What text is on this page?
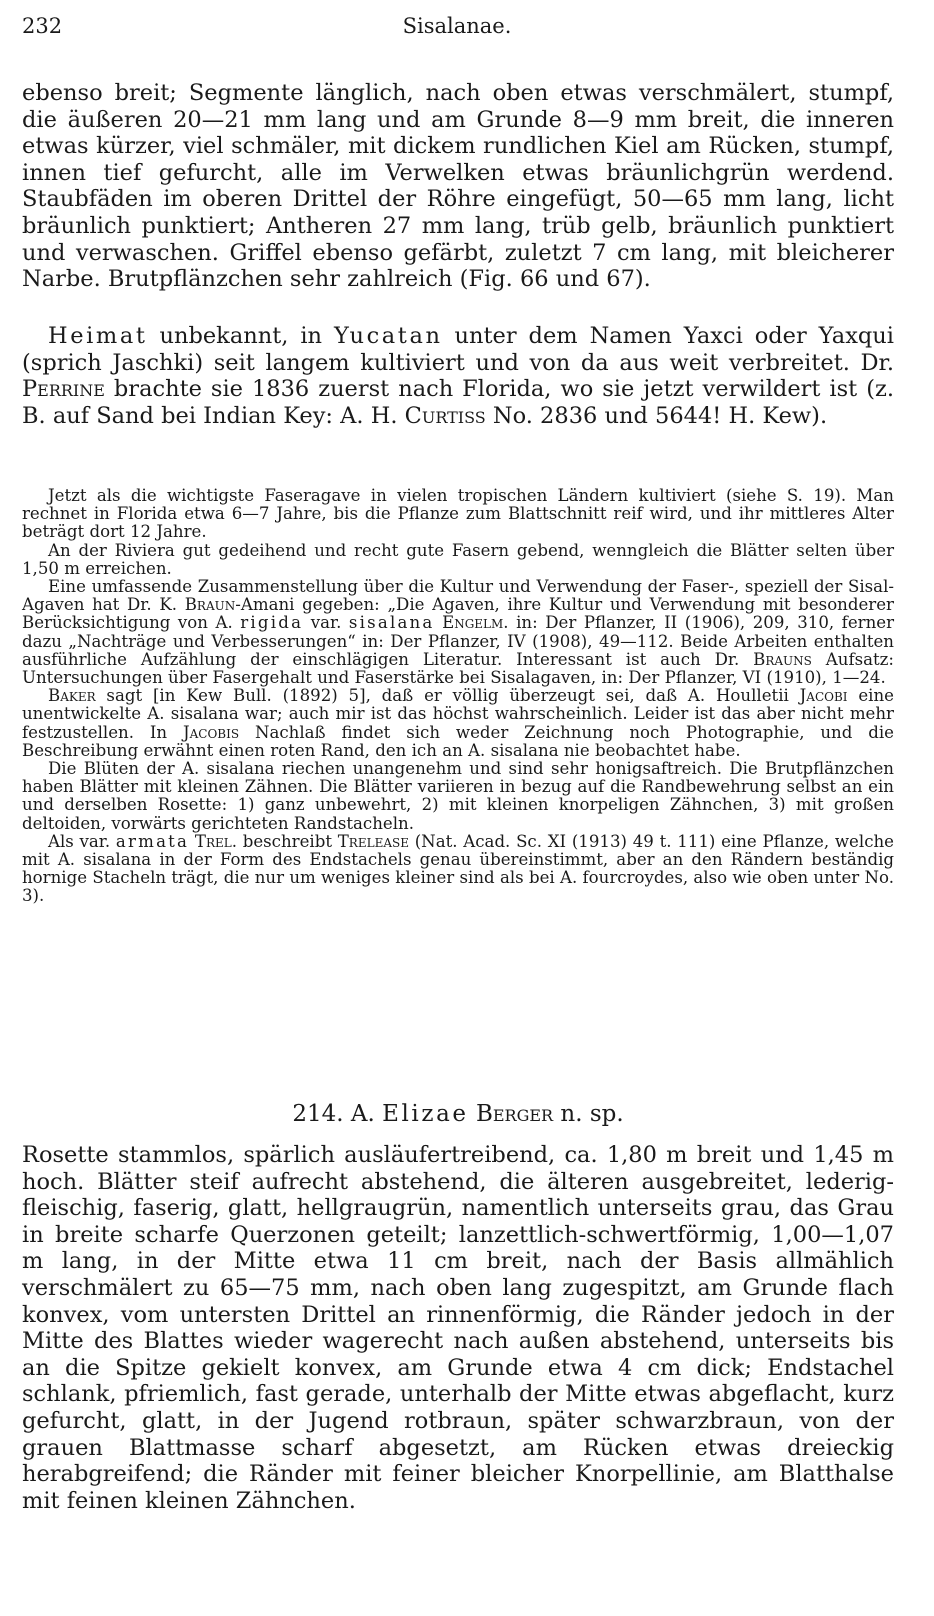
232	Sisalanae.

ebenso breit; Segmente länglich, nach oben etwas verschmälert, stumpf, die äußeren 20—21 mm lang und am Grunde 8—9 mm breit, die inneren etwas kürzer, viel schmäler, mit dickem rundlichen Kiel am Rücken, stumpf, innen tief gefurcht, alle im Verwelken etwas bräunlichgrün werdend. Staubfäden im oberen Drittel der Röhre eingefügt, 50—65 mm lang, licht bräunlich punktiert; Antheren 27 mm lang, trüb gelb, bräunlich punktiert und verwaschen. Griffel ebenso gefärbt, zuletzt 7 cm lang, mit bleicherer Narbe. Brutpflänzchen sehr zahlreich (Fig. 66 und 67).

Heimat unbekannt, in Yucatan unter dem Namen Yaxci oder Yaxqui (sprich Jaschki) seit langem kultiviert und von da aus weit verbreitet. Dr. Perrine brachte sie 1836 zuerst nach Florida, wo sie jetzt verwildert ist (z. B. auf Sand bei Indian Key: A. H. Curtiss No. 2836 und 5644! H. Kew).

Jetzt als die wichtigste Faseragave in vielen tropischen Ländern kultiviert (siehe S. 19). Man rechnet in Florida etwa 6—7 Jahre, bis die Pflanze zum Blattschnitt reif wird, und ihr mittleres Alter beträgt dort 12 Jahre.

An der Riviera gut gedeihend und recht gute Fasern gebend, wenngleich die Blätter selten über 1,50 m erreichen.

Eine umfassende Zusammenstellung über die Kultur und Verwendung der Faser-, speziell der Sisal-Agaven hat Dr. K. Braun-Amani gegeben: „Die Agaven, ihre Kultur und Verwendung mit besonderer Berücksichtigung von A. rigida var. sisalana Engelm. in: Der Pflanzer, II (1906), 209, 310, ferner dazu „Nachträge und Verbesserungen“ in: Der Pflanzer, IV (1908), 49—112. Beide Arbeiten enthalten ausführliche Aufzählung der einschlägigen Literatur. Interessant ist auch Dr. Brauns Aufsatz: Untersuchungen über Fasergehalt und Faserstärke bei Sisalagaven, in: Der Pflanzer, VI (1910), 1—24.

Baker sagt [in Kew Bull. (1892) 5], daß er völlig überzeugt sei, daß A. Houlletii Jacobi eine unentwickelte A. sisalana war; auch mir ist das höchst wahrscheinlich. Leider ist das aber nicht mehr festzustellen. In Jacobis Nachlaß findet sich weder Zeichnung noch Photographie, und die Beschreibung erwähnt einen roten Rand, den ich an A. sisalana nie beobachtet habe.

Die Blüten der A. sisalana riechen unangenehm und sind sehr honigsaftreich. Die Brutpflänzchen haben Blätter mit kleinen Zähnen. Die Blätter variieren in bezug auf die Randbewehrung selbst an ein und derselben Rosette: 1) ganz unbewehrt, 2) mit kleinen knorpeligen Zähnchen, 3) mit großen deltoiden, vorwärts gerichteten Randstacheln.

Als var. armata Trel. beschreibt Trelease (Nat. Acad. Sc. XI (1913) 49 t. 111) eine Pflanze, welche mit A. sisalana in der Form des Endstachels genau übereinstimmt, aber an den Rändern beständig hornige Stacheln trägt, die nur um weniges kleiner sind als bei A. fourcroydes, also wie oben unter No. 3).

214. A. Elizae Berger n. sp.

Rosette stammlos, spärlich ausläufertreibend, ca. 1,80 m breit und 1,45 m hoch. Blätter steif aufrecht abstehend, die älteren ausgebreitet, lederig-fleischig, faserig, glatt, hellgraugrün, namentlich unterseits grau, das Grau in breite scharfe Querzonen geteilt; lanzettlich-schwertförmig, 1,00—1,07 m lang, in der Mitte etwa 11 cm breit, nach der Basis allmählich verschmälert zu 65—75 mm, nach oben lang zugespitzt, am Grunde flach konvex, vom untersten Drittel an rinnenförmig, die Ränder jedoch in der Mitte des Blattes wieder wagerecht nach außen abstehend, unterseits bis an die Spitze gekielt konvex, am Grunde etwa 4 cm dick; Endstachel schlank, pfriemlich, fast gerade, unterhalb der Mitte etwas abgeflacht, kurz gefurcht, glatt, in der Jugend rotbraun, später schwarzbraun, von der grauen Blattmasse scharf abgesetzt, am Rücken etwas dreieckig herabgreifend; die Ränder mit feiner bleicher Knorpellinie, am Blatthalse mit feinen kleinen Zähnchen.
